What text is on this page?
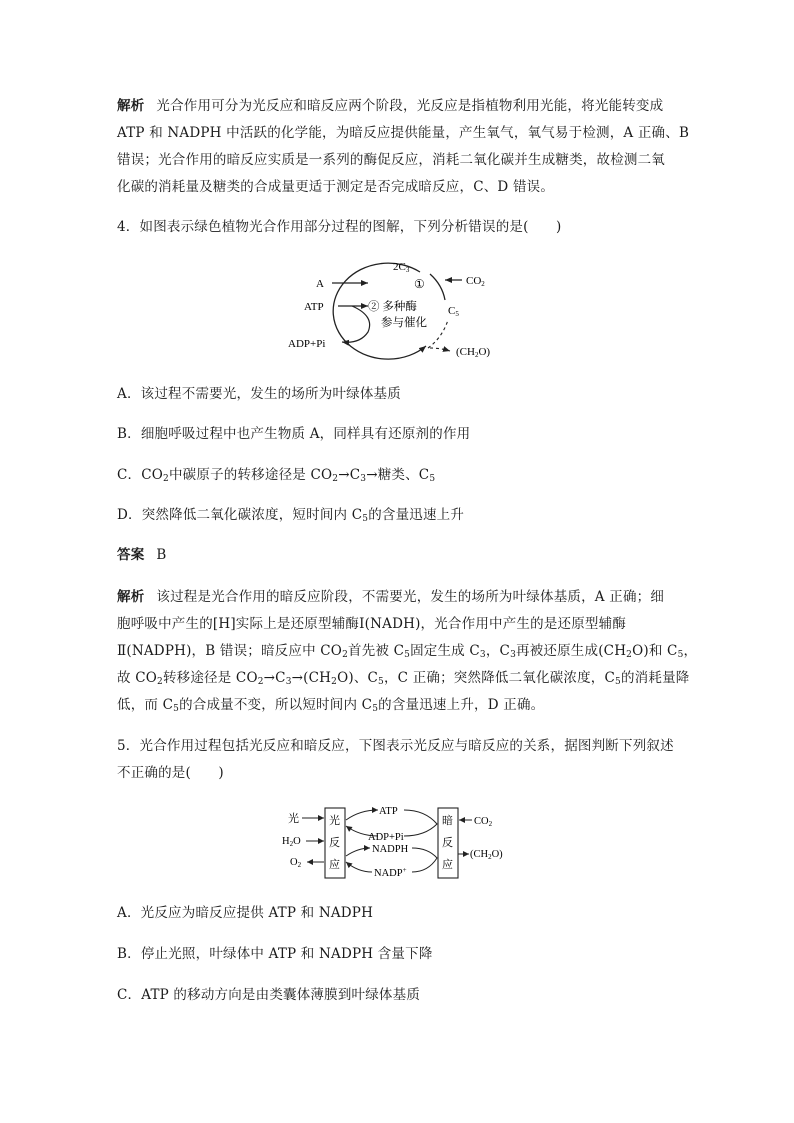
解析 光合作用可分为光反应和暗反应两个阶段，光反应是指植物利用光能，将光能转变成
ATP 和 NADPH 中活跃的化学能，为暗反应提供能量，产生氧气，氧气易于检测，A 正确、B
错误；光合作用的暗反应实质是一系列的酶促反应，消耗二氧化碳并生成糖类，故检测二氧
化碳的消耗量及糖类的合成量更适于测定是否完成暗反应，C、D 错误。
4．如图表示绿色植物光合作用部分过程的图解，下列分析错误的是(　　)
A
ATP
ADP+Pi
2C3
CO2
C5
(CH2O)
①
② 多种酶
参与催化
A．该过程不需要光，发生的场所为叶绿体基质
B．细胞呼吸过程中也产生物质 A，同样具有还原剂的作用
C．$CO_2$中碳原子的转移途径是 $CO_2\to C_3\to$糖类、$C_5$
D．突然降低二氧化碳浓度，短时间内 $C_5$的含量迅速上升
答案 B
解析 该过程是光合作用的暗反应阶段，不需要光，发生的场所为叶绿体基质，A 正确；细
胞呼吸中产生的[H]实际上是还原型辅酶Ⅰ(NADH)，光合作用中产生的是还原型辅酶
Ⅱ(NADPH)，B 错误；暗反应中 $CO_2$首先被 $C_5$固定生成 $C_3$，$C_3$再被还原生成$(CH_2O)$和 $C_5$，
故 $CO_2$转移途径是 $CO_2\to C_3\to(CH_2O)$、$C_5$，C 正确；突然降低二氧化碳浓度，$C_5$的消耗量降
低，而 $C_5$的合成量不变，所以短时间内 $C_5$的含量迅速上升，D 正确。
5．光合作用过程包括光反应和暗反应，下图表示光反应与暗反应的关系，据图判断下列叙述
不正确的是(　　)
光
反
应
暗
反
应
光
H2O
O2
ATP
ADP+Pi
NADPH
NADP+
CO2
(CH2O)
A．光反应为暗反应提供 ATP 和 NADPH
B．停止光照，叶绿体中 ATP 和 NADPH 含量下降
C．ATP 的移动方向是由类囊体薄膜到叶绿体基质
